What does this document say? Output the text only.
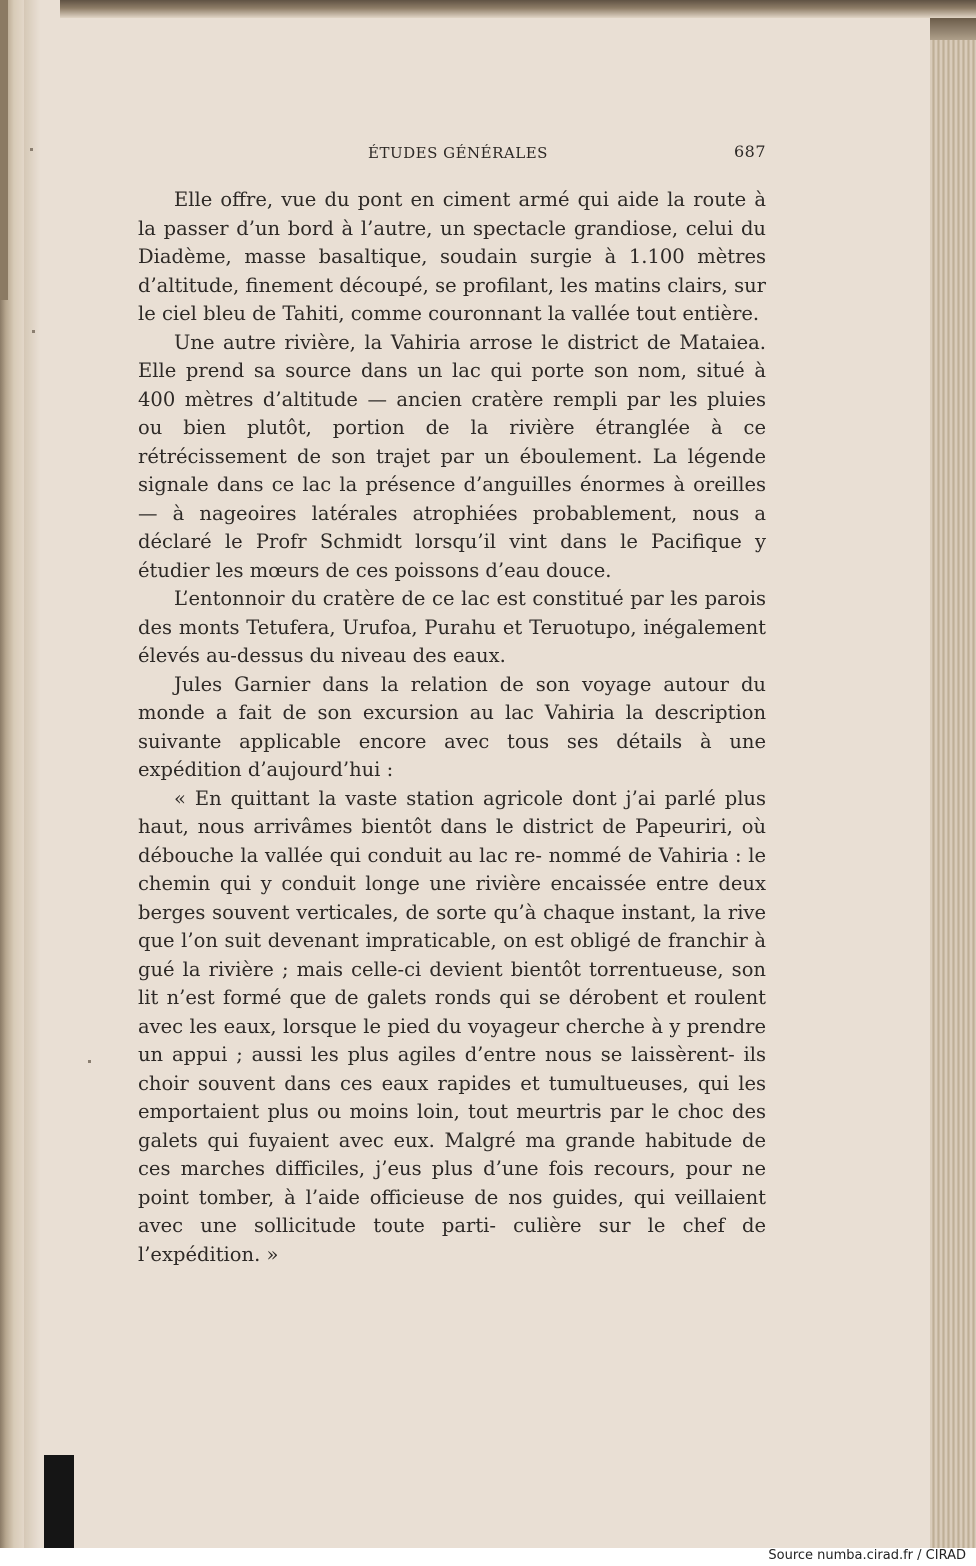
ÉTUDES GÉNÉRALES	687

Elle offre, vue du pont en ciment armé qui aide la route à la passer d’un bord à l’autre, un spectacle grandiose, celui du Diadème, masse basaltique, soudain surgie à 1.100 mètres d’altitude, finement découpé, se profilant, les matins clairs, sur le ciel bleu de Tahiti, comme couronnant la vallée tout entière.

Une autre rivière, la Vahiria arrose le district de Mataiea. Elle prend sa source dans un lac qui porte son nom, situé à 400 mètres d’altitude — ancien cratère rempli par les pluies ou bien plutôt, portion de la rivière étranglée à ce rétrécissement de son trajet par un éboulement. La légende signale dans ce lac la présence d’anguilles énormes à oreilles — à nageoires latérales atrophiées probablement, nous a déclaré le Profr Schmidt lorsqu’il vint dans le Pacifique y étudier les mœurs de ces poissons d’eau douce.

L’entonnoir du cratère de ce lac est constitué par les parois des monts Tetufera, Urufoa, Purahu et Teruotupo, inégalement élevés au-dessus du niveau des eaux.

Jules Garnier dans la relation de son voyage autour du monde a fait de son excursion au lac Vahiria la description suivante applicable encore avec tous ses détails à une expédition d’aujourd’hui :

« En quittant la vaste station agricole dont j’ai parlé plus haut, nous arrivâmes bientôt dans le district de Papeuriri, où débouche la vallée qui conduit au lac re- nommé de Vahiria : le chemin qui y conduit longe une rivière encaissée entre deux berges souvent verticales, de sorte qu’à chaque instant, la rive que l’on suit devenant impraticable, on est obligé de franchir à gué la rivière ; mais celle-ci devient bientôt torrentueuse, son lit n’est formé que de galets ronds qui se dérobent et roulent avec les eaux, lorsque le pied du voyageur cherche à y prendre un appui ; aussi les plus agiles d’entre nous se laissèrent- ils choir souvent dans ces eaux rapides et tumultueuses, qui les emportaient plus ou moins loin, tout meurtris par le choc des galets qui fuyaient avec eux. Malgré ma grande habitude de ces marches difficiles, j’eus plus d’une fois recours, pour ne point tomber, à l’aide officieuse de nos guides, qui veillaient avec une sollicitude toute parti- culière sur le chef de l’expédition. »

Source numba.cirad.fr / CIRAD
